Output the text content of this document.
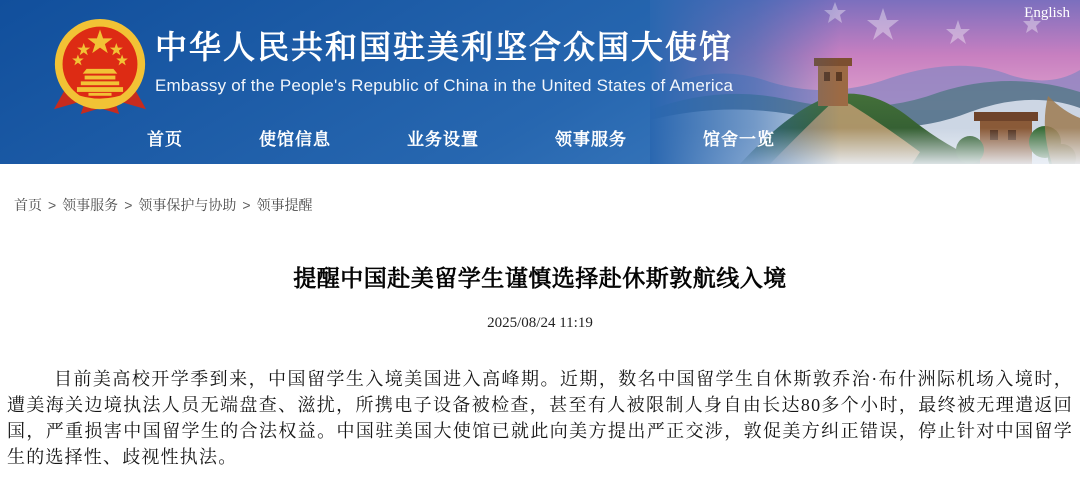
English
中华人民共和国驻美利坚合众国大使馆
Embassy of the People's Republic of China in the United States of America
首页	使馆信息	业务设置	领事服务	馆舍一览
首页 > 领事服务 > 领事保护与协助 > 领事提醒
提醒中国赴美留学生谨慎选择赴休斯敦航线入境
2025/08/24 11:19

目前美高校开学季到来，中国留学生入境美国进入高峰期。近期，数名中国留学生自休斯敦乔治·布什洲际机场入境时，遭美海关边境执法人员无端盘查、滋扰，所携电子设备被检查，甚至有人被限制人身自由长达80多个小时，最终被无理遣返回国，严重损害中国留学生的合法权益。中国驻美国大使馆已就此向美方提出严正交涉，敦促美方纠正错误，停止针对中国留学生的选择性、歧视性执法。
